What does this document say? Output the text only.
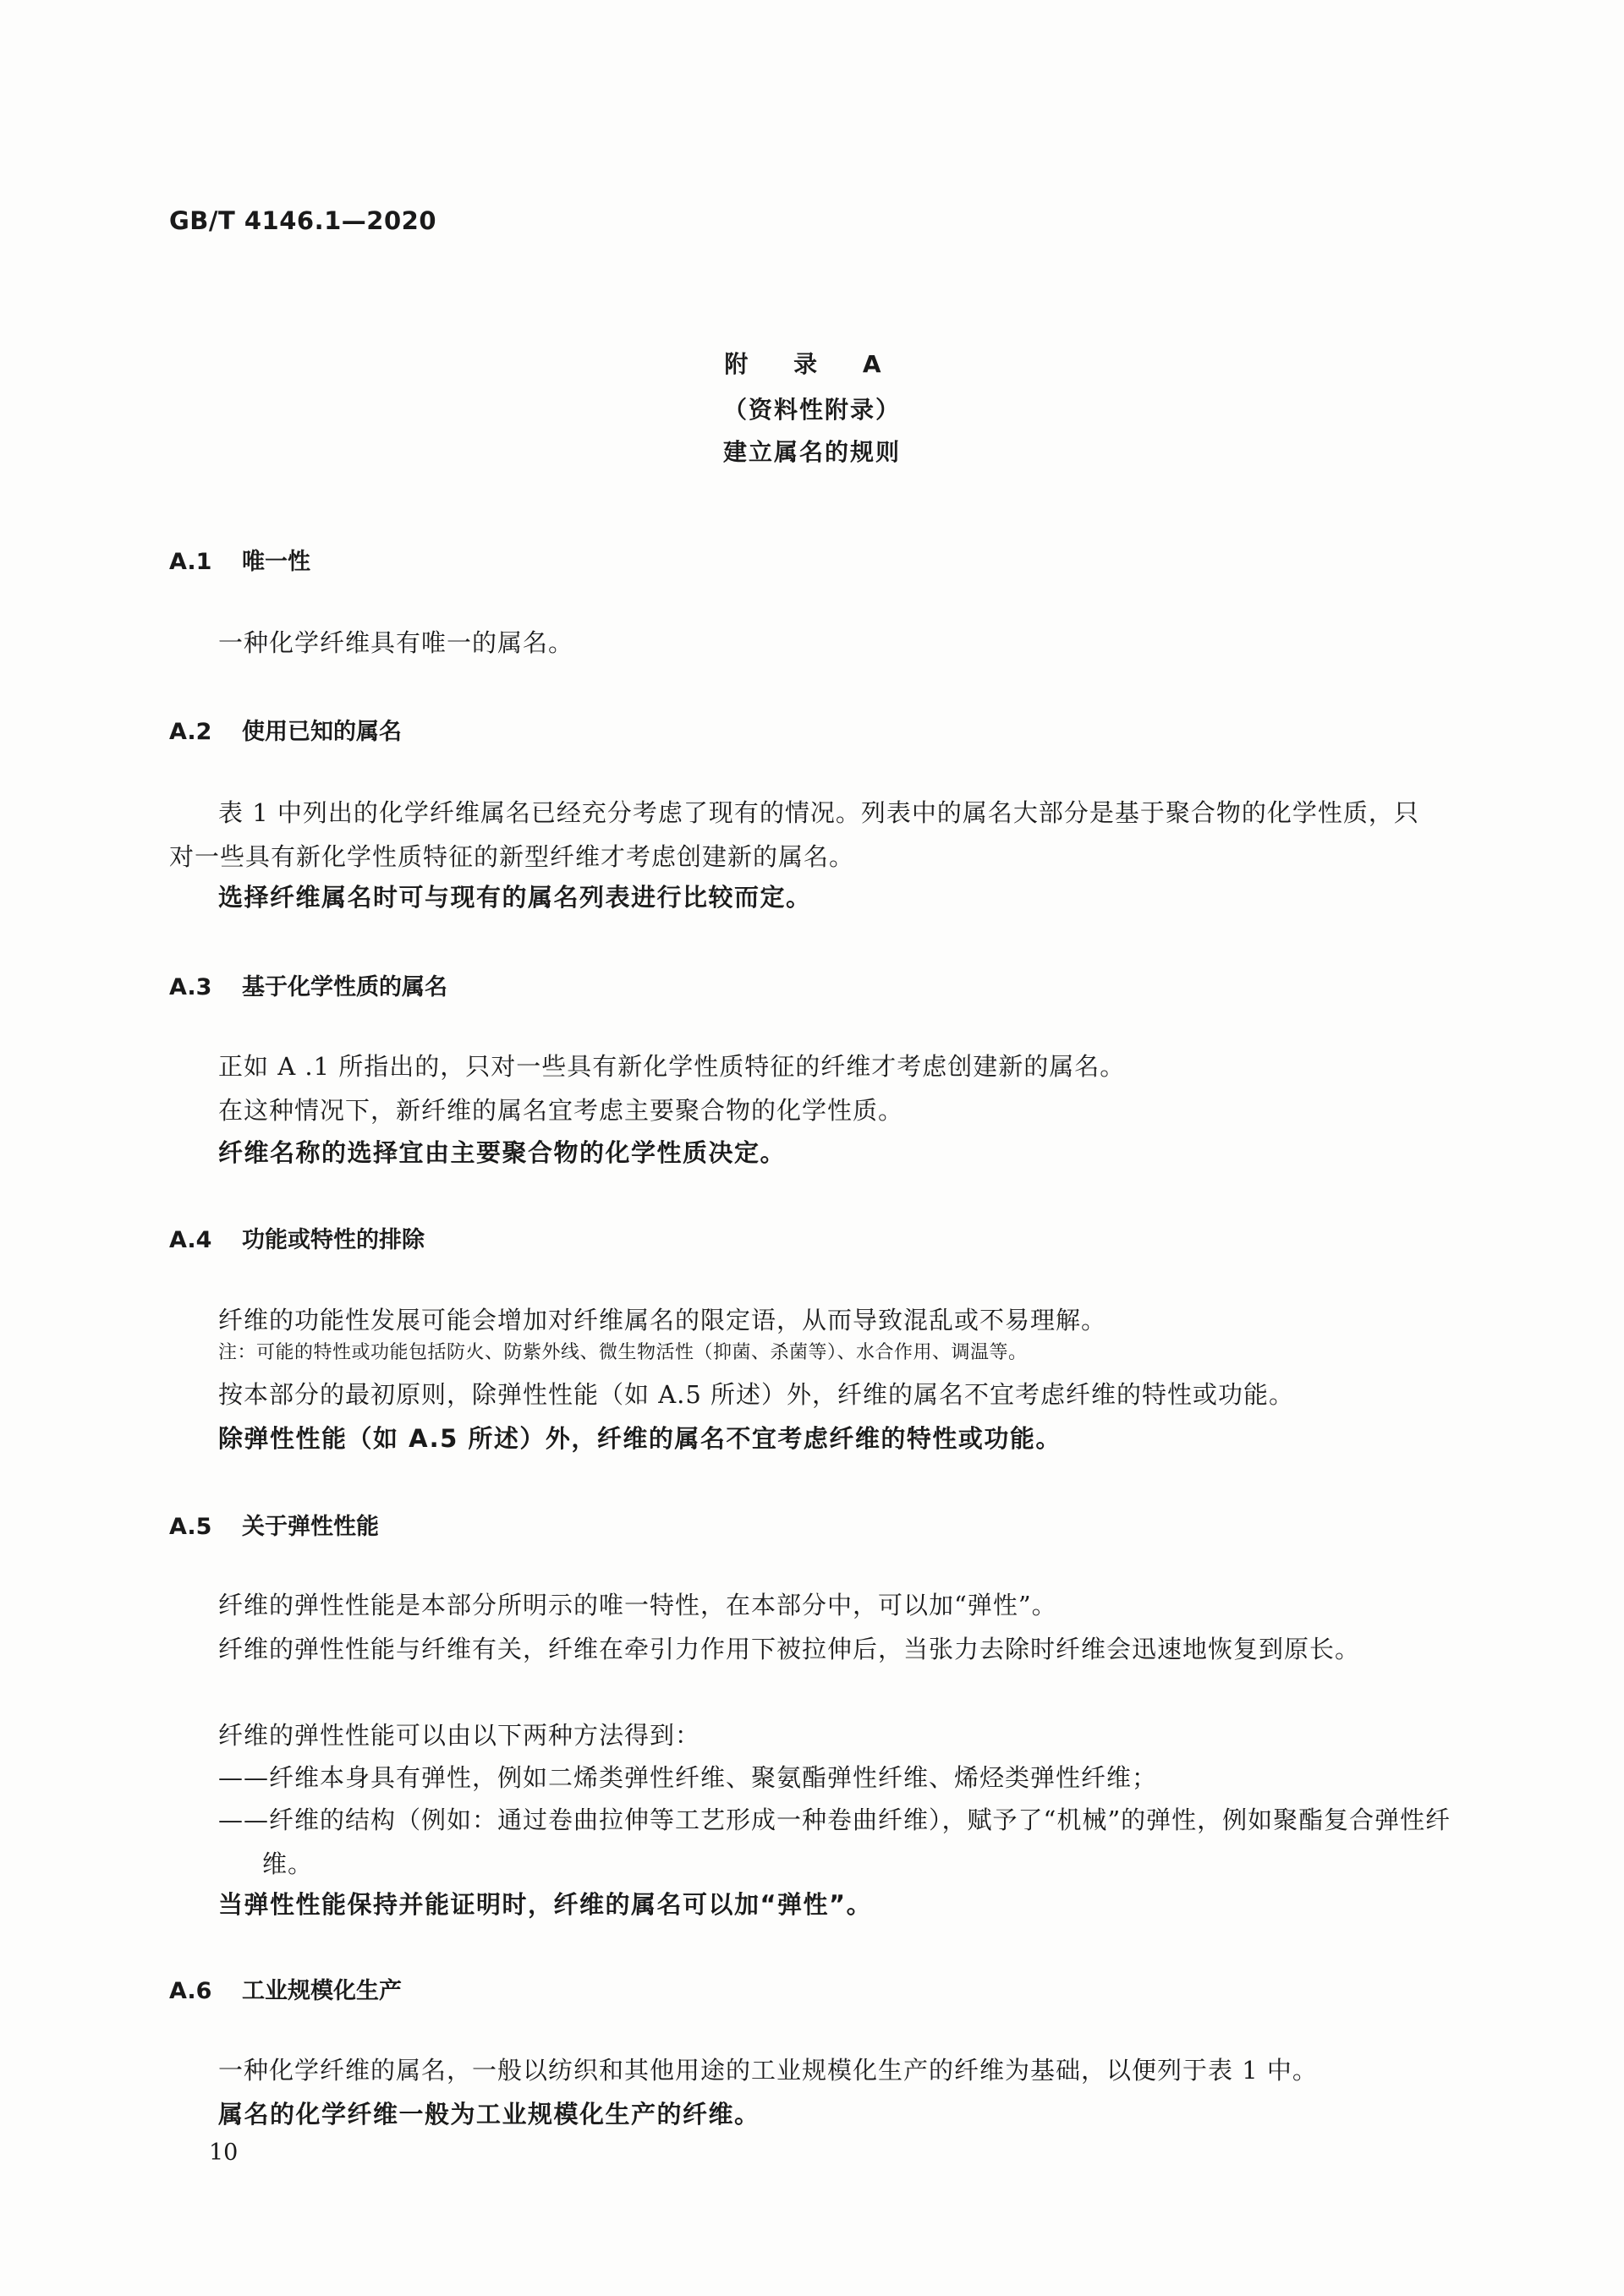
GB/T 4146.1—2020
附 录 A
（资料性附录）
建立属名的规则
A.1 唯一性
一种化学纤维具有唯一的属名。
A.2 使用已知的属名
表 1 中列出的化学纤维属名已经充分考虑了现有的情况。列表中的属名大部分是基于聚合物的化学性质，只对一些具有新化学性质特征的新型纤维才考虑创建新的属名。
选择纤维属名时可与现有的属名列表进行比较而定。
A.3 基于化学性质的属名
正如 A .1 所指出的，只对一些具有新化学性质特征的纤维才考虑创建新的属名。
在这种情况下，新纤维的属名宜考虑主要聚合物的化学性质。
纤维名称的选择宜由主要聚合物的化学性质决定。
A.4 功能或特性的排除
纤维的功能性发展可能会增加对纤维属名的限定语，从而导致混乱或不易理解。
注：可能的特性或功能包括防火、防紫外线、微生物活性（抑菌、杀菌等）、水合作用、调温等。
按本部分的最初原则，除弹性性能（如 A.5 所述）外，纤维的属名不宜考虑纤维的特性或功能。
除弹性性能（如 A.5 所述）外，纤维的属名不宜考虑纤维的特性或功能。
A.5 关于弹性性能
纤维的弹性性能是本部分所明示的唯一特性，在本部分中，可以加“弹性”。
纤维的弹性性能与纤维有关，纤维在牵引力作用下被拉伸后，当张力去除时纤维会迅速地恢复到原长。
纤维的弹性性能可以由以下两种方法得到：
——纤维本身具有弹性，例如二烯类弹性纤维、聚氨酯弹性纤维、烯烃类弹性纤维；
——纤维的结构（例如：通过卷曲拉伸等工艺形成一种卷曲纤维），赋予了“机械”的弹性，例如聚酯复合弹性纤维。
当弹性性能保持并能证明时，纤维的属名可以加“弹性”。
A.6 工业规模化生产
一种化学纤维的属名，一般以纺织和其他用途的工业规模化生产的纤维为基础，以便列于表 1 中。
属名的化学纤维一般为工业规模化生产的纤维。
10
